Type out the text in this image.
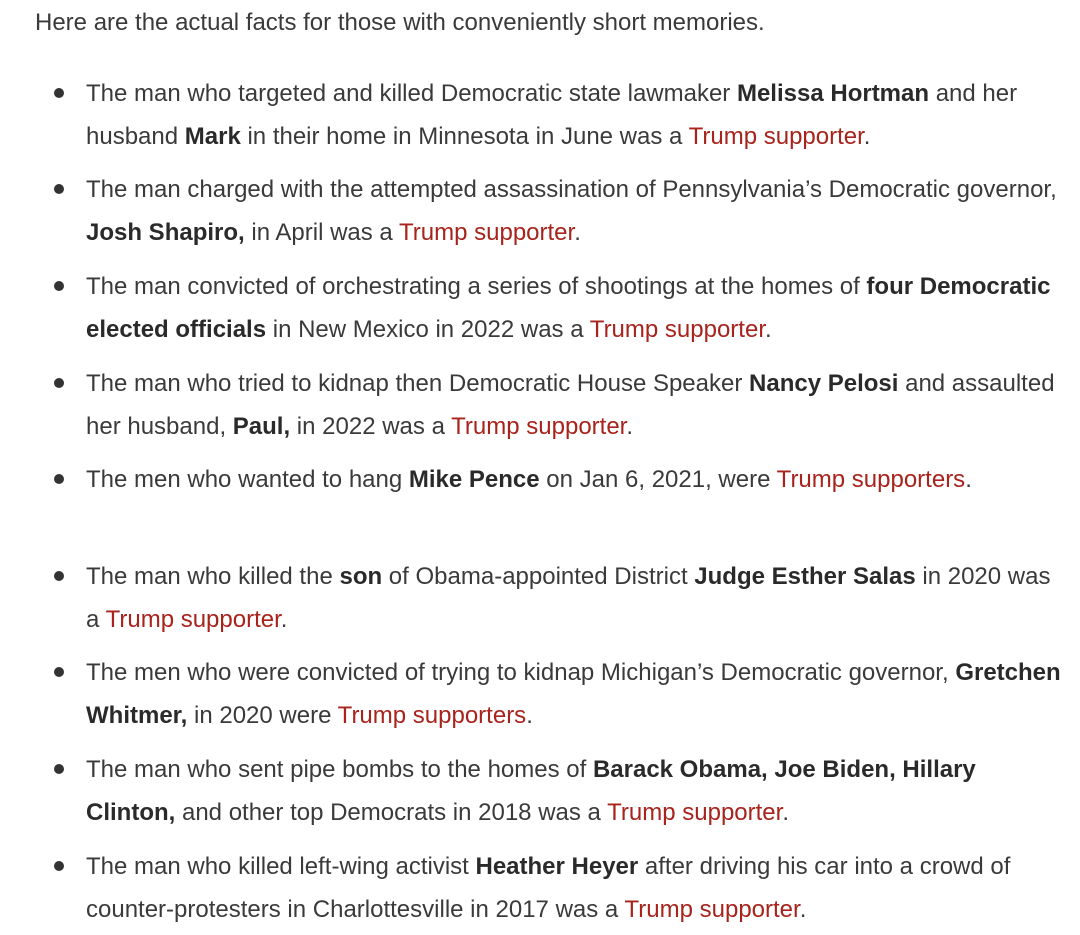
Here are the actual facts for those with conveniently short memories.

The man who targeted and killed Democratic state lawmaker Melissa Hortman and her husband Mark in their home in Minnesota in June was a Trump supporter.
The man charged with the attempted assassination of Pennsylvania’s Democratic governor, Josh Shapiro, in April was a Trump supporter.
The man convicted of orchestrating a series of shootings at the homes of four Democratic elected officials in New Mexico in 2022 was a Trump supporter.
The man who tried to kidnap then Democratic House Speaker Nancy Pelosi and assaulted her husband, Paul, in 2022 was a Trump supporter.
The men who wanted to hang Mike Pence on Jan 6, 2021, were Trump supporters.
The man who killed the son of Obama-appointed District Judge Esther Salas in 2020 was a Trump supporter.
The men who were convicted of trying to kidnap Michigan’s Democratic governor, Gretchen Whitmer, in 2020 were Trump supporters.
The man who sent pipe bombs to the homes of Barack Obama, Joe Biden, Hillary Clinton, and other top Democrats in 2018 was a Trump supporter.
The man who killed left-wing activist Heather Heyer after driving his car into a crowd of counter-protesters in Charlottesville in 2017 was a Trump supporter.
